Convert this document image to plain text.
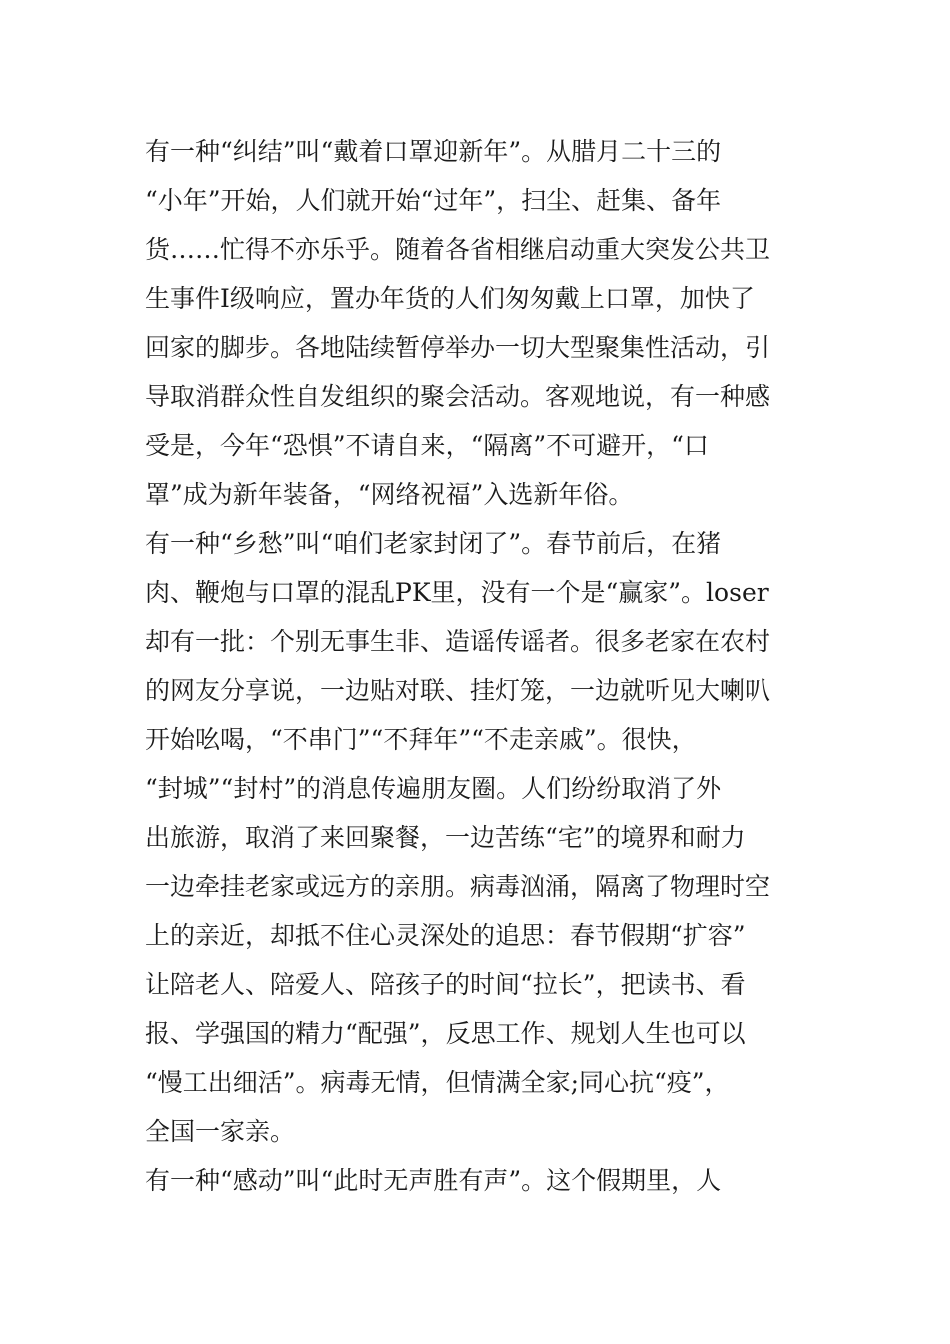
有一种“纠结”叫“戴着口罩迎新年”。从腊月二十三的
“小年”开始，人们就开始“过年”，扫尘、赶集、备年
货……忙得不亦乐乎。随着各省相继启动重大突发公共卫
生事件Ⅰ级响应，置办年货的人们匆匆戴上口罩，加快了
回家的脚步。各地陆续暂停举办一切大型聚集性活动，引
导取消群众性自发组织的聚会活动。客观地说，有一种感
受是，今年“恐惧”不请自来，“隔离”不可避开，“口
罩”成为新年装备，“网络祝福”入选新年俗。
有一种“乡愁”叫“咱们老家封闭了”。春节前后，在猪
肉、鞭炮与口罩的混乱PK里，没有一个是“赢家”。loser
却有一批：个别无事生非、造谣传谣者。很多老家在农村
的网友分享说，一边贴对联、挂灯笼，一边就听见大喇叭
开始吆喝，“不串门”“不拜年”“不走亲戚”。很快，
“封城”“封村”的消息传遍朋友圈。人们纷纷取消了外
出旅游，取消了来回聚餐，一边苦练“宅”的境界和耐力
一边牵挂老家或远方的亲朋。病毒汹涌，隔离了物理时空
上的亲近，却抵不住心灵深处的追思：春节假期“扩容”
让陪老人、陪爱人、陪孩子的时间“拉长”，把读书、看
报、学强国的精力“配强”，反思工作、规划人生也可以
“慢工出细活”。病毒无情，但情满全家;同心抗“疫”，
全国一家亲。
有一种“感动”叫“此时无声胜有声”。这个假期里，人
